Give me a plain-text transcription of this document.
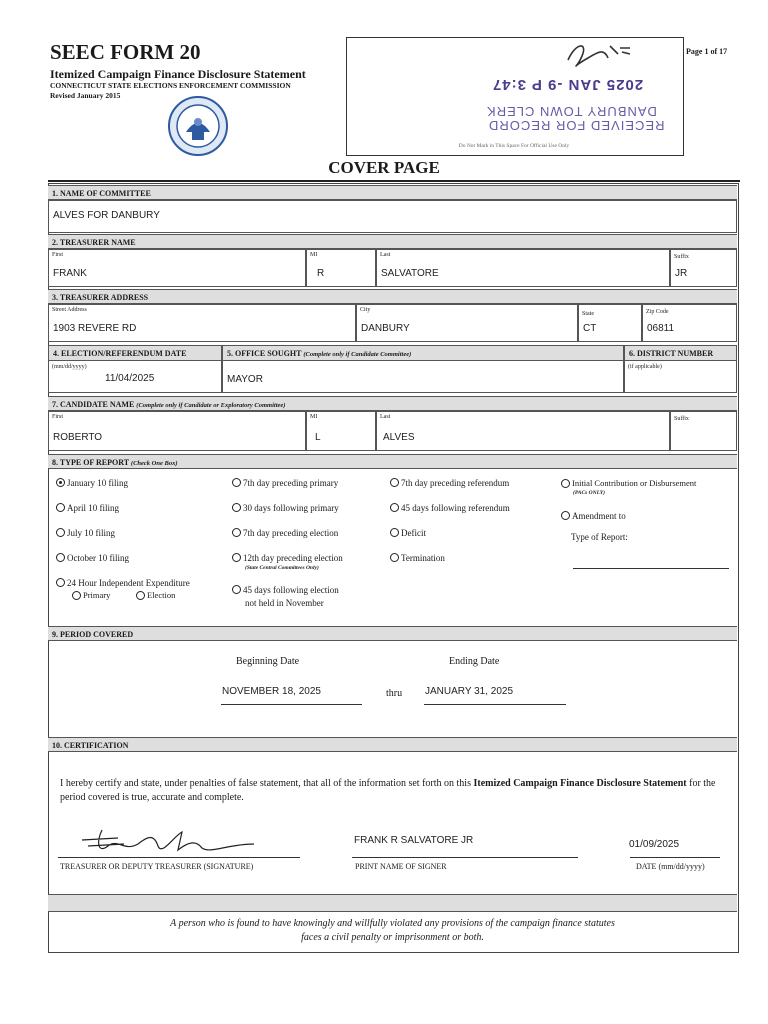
SEEC FORM 20
Itemized Campaign Finance Disclosure Statement
CONNECTICUT STATE ELECTIONS ENFORCEMENT COMMISSION
Revised January 2015
2025 JAN -9 P 3:47
DANBURY TOWN CLERK
RECEIVED FOR RECORD
Do Not Mark in This Space For Official Use Only
Page 1 of 17
COVER PAGE
1. NAME OF COMMITTEE
ALVES FOR DANBURY
2. TREASURER NAME
First
FRANK
MI
R
Last
SALVATORE
Suffix
JR
3. TREASURER ADDRESS
Street Address
1903 REVERE RD
City
DANBURY
State
CT
Zip Code
06811
4. ELECTION/REFERENDUM DATE
(mm/dd/yyyy)
11/04/2025
5. OFFICE SOUGHT (Complete only if Candidate Committee)
MAYOR
6. DISTRICT NUMBER
(if applicable)
7. CANDIDATE NAME (Complete only if Candidate or Exploratory Committee)
First
ROBERTO
MI
L
Last
ALVES
Suffix
8. TYPE OF REPORT (Check One Box)
January 10 filing
April 10 filing
July 10 filing
October 10 filing
24 Hour Independent Expenditure
Primary	Election
7th day preceding primary
30 days following primary
7th day preceding election
12th day preceding election
(State Central Committees Only)
45 days following election
not held in November
7th day preceding referendum
45 days following referendum
Deficit
Termination
Initial Contribution or Disbursement
(PACs ONLY)
Amendment to
Type of Report:
9. PERIOD COVERED
Beginning Date	Ending Date
NOVEMBER 18, 2025	thru JANUARY 31, 2025
10. CERTIFICATION
I hereby certify and state, under penalties of false statement, that all of the information set forth on this Itemized Campaign Finance Disclosure Statement for the period covered is true, accurate and complete.
TREASURER OR DEPUTY TREASURER (SIGNATURE)
FRANK R SALVATORE JR
PRINT NAME OF SIGNER
01/09/2025
DATE (mm/dd/yyyy)
A person who is found to have knowingly and willfully violated any provisions of the campaign finance statutes
faces a civil penalty or imprisonment or both.
